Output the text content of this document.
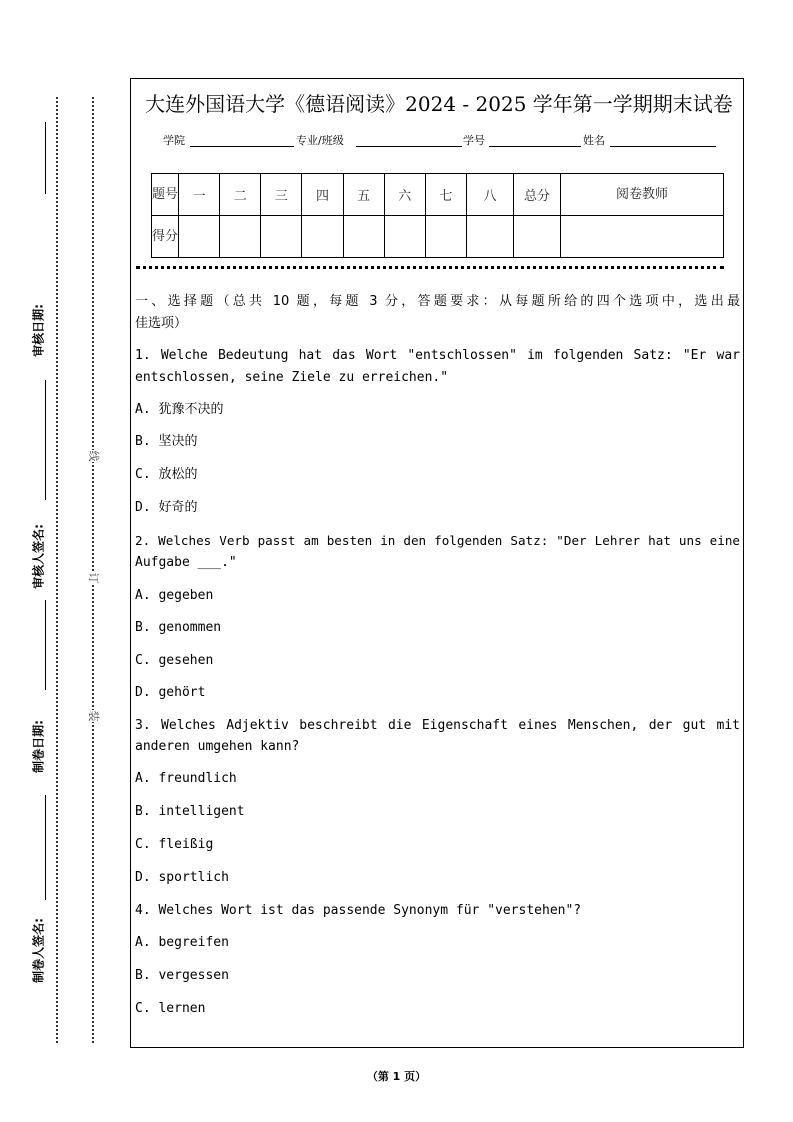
审核日期:
审核人签名:
制卷日期:
制卷人签名:
线
订
装
大连外国语大学《德语阅读》2024 - 2025 学年第一学期期末试卷
学院	专业/班级	学号	姓名
题号	一	二	三	四	五	六	七	八	总分	阅卷教师
得分										
一、选择题（总共 10 题，每题 3 分，答题要求：从每题所给的四个选项中，选出最
佳选项）
1. Welche Bedeutung hat das Wort "entschlossen" im folgenden Satz: "Er war
entschlossen, seine Ziele zu erreichen."
A. 犹豫不决的
B. 坚决的
C. 放松的
D. 好奇的
2. Welches Verb passt am besten in den folgenden Satz: "Der Lehrer hat uns eine
Aufgabe ___."
A. gegeben
B. genommen
C. gesehen
D. gehört
3. Welches Adjektiv beschreibt die Eigenschaft eines Menschen, der gut mit
anderen umgehen kann?
A. freundlich
B. intelligent
C. fleißig
D. sportlich
4. Welches Wort ist das passende Synonym für "verstehen"?
A. begreifen
B. vergessen
C. lernen
（第 1 页）
